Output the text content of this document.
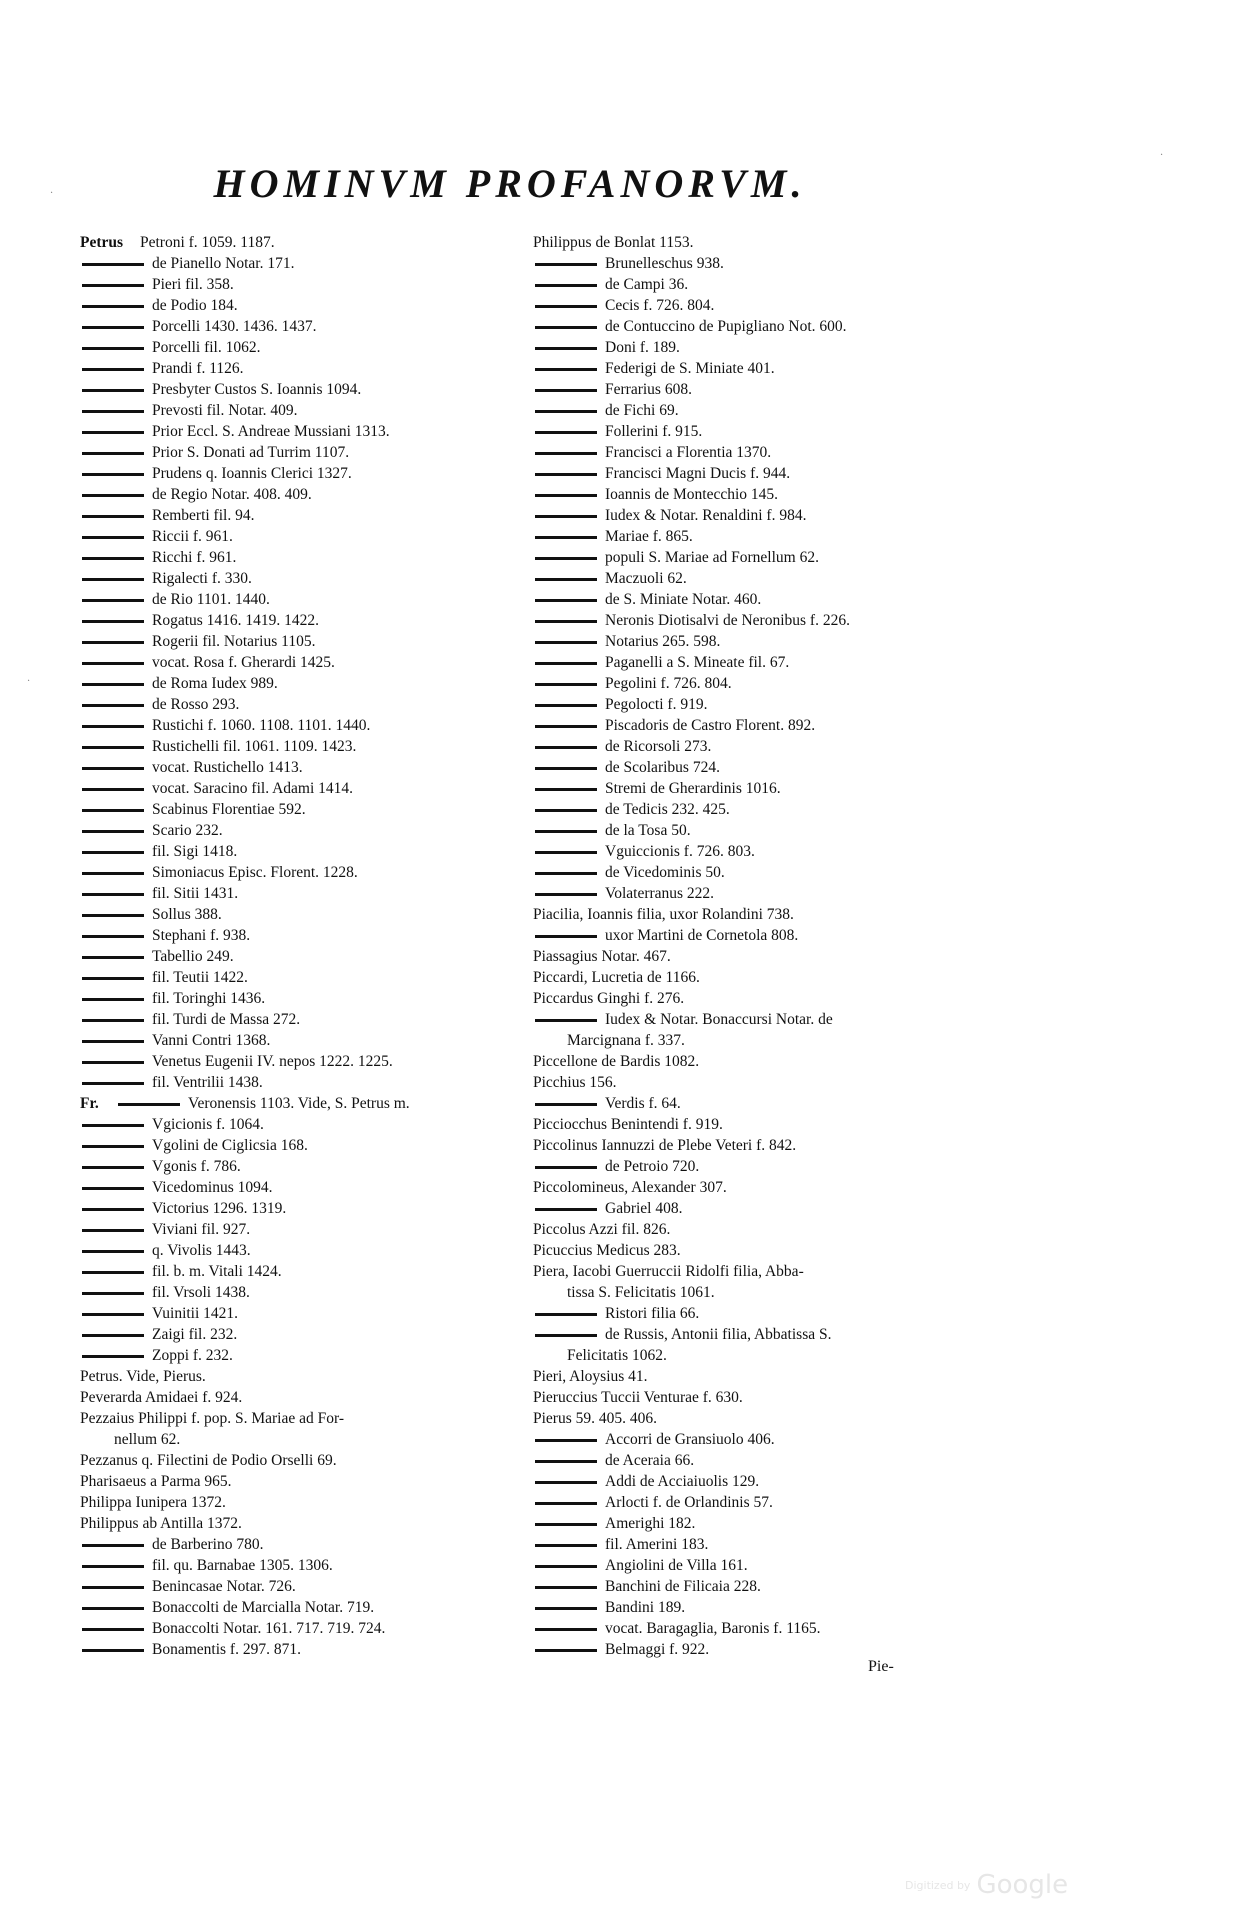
·
·
·
HOMINVM PROFANORVM.
Petrus Petroni f. 1059. 1187.
de Pianello Notar. 171.
Pieri fil. 358.
de Podio 184.
Porcelli 1430. 1436. 1437.
Porcelli fil. 1062.
Prandi f. 1126.
Presbyter Custos S. Ioannis 1094.
Prevosti fil. Notar. 409.
Prior Eccl. S. Andreae Mussiani 1313.
Prior S. Donati ad Turrim 1107.
Prudens q. Ioannis Clerici 1327.
de Regio Notar. 408. 409.
Remberti fil. 94.
Riccii f. 961.
Ricchi f. 961.
Rigalecti f. 330.
de Rio 1101. 1440.
Rogatus 1416. 1419. 1422.
Rogerii fil. Notarius 1105.
vocat. Rosa f. Gherardi 1425.
de Roma Iudex 989.
de Rosso 293.
Rustichi f. 1060. 1108. 1101. 1440.
Rustichelli fil. 1061. 1109. 1423.
vocat. Rustichello 1413.
vocat. Saracino fil. Adami 1414.
Scabinus Florentiae 592.
Scario 232.
fil. Sigi 1418.
Simoniacus Episc. Florent. 1228.
fil. Sitii 1431.
Sollus 388.
Stephani f. 938.
Tabellio 249.
fil. Teutii 1422.
fil. Toringhi 1436.
fil. Turdi de Massa 272.
Vanni Contri 1368.
Venetus Eugenii IV. nepos 1222. 1225.
fil. Ventrilii 1438.
Fr.	Veronensis 1103. Vide, S. Petrus m.
Vgicionis f. 1064.
Vgolini de Ciglicsia 168.
Vgonis f. 786.
Vicedominus 1094.
Victorius 1296. 1319.
Viviani fil. 927.
q. Vivolis 1443.
fil. b. m. Vitali 1424.
fil. Vrsoli 1438.
Vuinitii 1421.
Zaigi fil. 232.
Zoppi f. 232.
Petrus. Vide, Pierus.
Peverarda Amidaei f. 924.
Pezzaius Philippi f. pop. S. Mariae ad For-
nellum 62.
Pezzanus q. Filectini de Podio Orselli 69.
Pharisaeus a Parma 965.
Philippa Iunipera 1372.
Philippus ab Antilla 1372.
de Barberino 780.
fil. qu. Barnabae 1305. 1306.
Benincasae Notar. 726.
Bonaccolti de Marcialla Notar. 719.
Bonaccolti Notar. 161. 717. 719. 724.
Bonamentis f. 297. 871.
Philippus de Bonlat 1153.
Brunelleschus 938.
de Campi 36.
Cecis f. 726. 804.
de Contuccino de Pupigliano Not. 600.
Doni f. 189.
Federigi de S. Miniate 401.
Ferrarius 608.
de Fichi 69.
Follerini f. 915.
Francisci a Florentia 1370.
Francisci Magni Ducis f. 944.
Ioannis de Montecchio 145.
Iudex & Notar. Renaldini f. 984.
Mariae f. 865.
populi S. Mariae ad Fornellum 62.
Maczuoli 62.
de S. Miniate Notar. 460.
Neronis Diotisalvi de Neronibus f. 226.
Notarius 265. 598.
Paganelli a S. Mineate fil. 67.
Pegolini f. 726. 804.
Pegolocti f. 919.
Piscadoris de Castro Florent. 892.
de Ricorsoli 273.
de Scolaribus 724.
Stremi de Gherardinis 1016.
de Tedicis 232. 425.
de la Tosa 50.
Vguiccionis f. 726. 803.
de Vicedominis 50.
Volaterranus 222.
Piacilia, Ioannis filia, uxor Rolandini 738.
uxor Martini de Cornetola 808.
Piassagius Notar. 467.
Piccardi, Lucretia de 1166.
Piccardus Ginghi f. 276.
Iudex & Notar. Bonaccursi Notar. de
Marcignana f. 337.
Piccellone de Bardis 1082.
Picchius 156.
Verdis f. 64.
Picciocchus Benintendi f. 919.
Piccolinus Iannuzzi de Plebe Veteri f. 842.
de Petroio 720.
Piccolomineus, Alexander 307.
Gabriel 408.
Piccolus Azzi fil. 826.
Picuccius Medicus 283.
Piera, Iacobi Guerruccii Ridolfi filia, Abba-
tissa S. Felicitatis 1061.
Ristori filia 66.
de Russis, Antonii filia, Abbatissa S.
Felicitatis 1062.
Pieri, Aloysius 41.
Pieruccius Tuccii Venturae f. 630.
Pierus 59. 405. 406.
Accorri de Gransiuolo 406.
de Aceraia 66.
Addi de Acciaiuolis 129.
Arlocti f. de Orlandinis 57.
Amerighi 182.
fil. Amerini 183.
Angiolini de Villa 161.
Banchini de Filicaia 228.
Bandini 189.
vocat. Baragaglia, Baronis f. 1165.
Belmaggi f. 922.
Pie-
Digitized by Google
